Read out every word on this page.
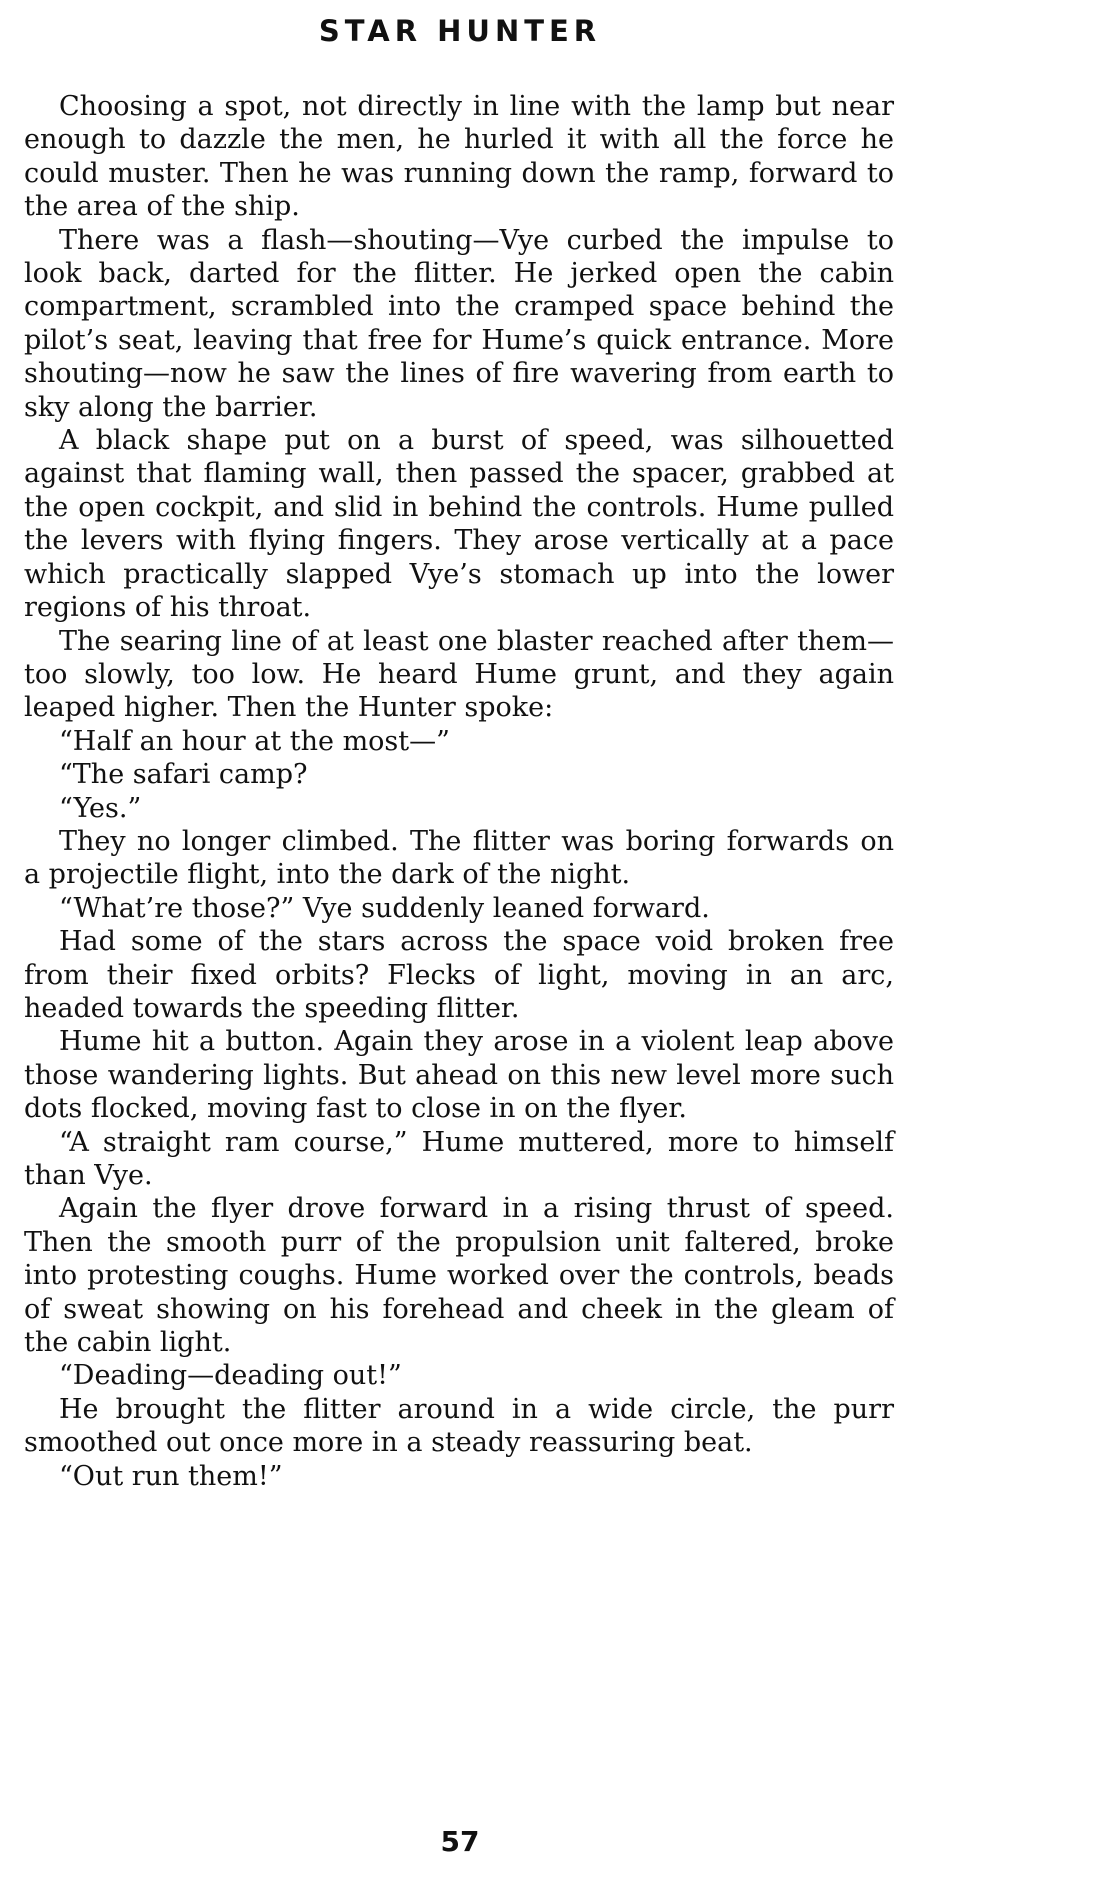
STAR HUNTER

Choosing a spot, not directly in line with the lamp but near enough to dazzle the men, he hurled it with all the force he could muster. Then he was running down the ramp, forward to the area of the ship.

There was a flash—shouting—Vye curbed the impulse to look back, darted for the flitter. He jerked open the cabin compartment, scrambled into the cramped space behind the pilot’s seat, leaving that free for Hume’s quick entrance. More shouting—now he saw the lines of fire wavering from earth to sky along the barrier.

A black shape put on a burst of speed, was silhouetted against that flaming wall, then passed the spacer, grabbed at the open cockpit, and slid in behind the controls. Hume pulled the levers with flying fingers. They arose vertically at a pace which practically slapped Vye’s stomach up into the lower regions of his throat.

The searing line of at least one blaster reached after them—too slowly, too low. He heard Hume grunt, and they again leaped higher. Then the Hunter spoke:

“Half an hour at the most—”

“The safari camp?

“Yes.”

They no longer climbed. The flitter was boring forwards on a projectile flight, into the dark of the night.

“What’re those?” Vye suddenly leaned forward.

Had some of the stars across the space void broken free from their fixed orbits? Flecks of light, moving in an arc, headed towards the speeding flitter.

Hume hit a button. Again they arose in a violent leap above those wandering lights. But ahead on this new level more such dots flocked, moving fast to close in on the flyer.

“A straight ram course,” Hume muttered, more to himself than Vye.

Again the flyer drove forward in a rising thrust of speed. Then the smooth purr of the propulsion unit faltered, broke into protesting coughs. Hume worked over the controls, beads of sweat showing on his forehead and cheek in the gleam of the cabin light.

“Deading—deading out!”

He brought the flitter around in a wide circle, the purr smoothed out once more in a steady reassuring beat.

“Out run them!”

57
